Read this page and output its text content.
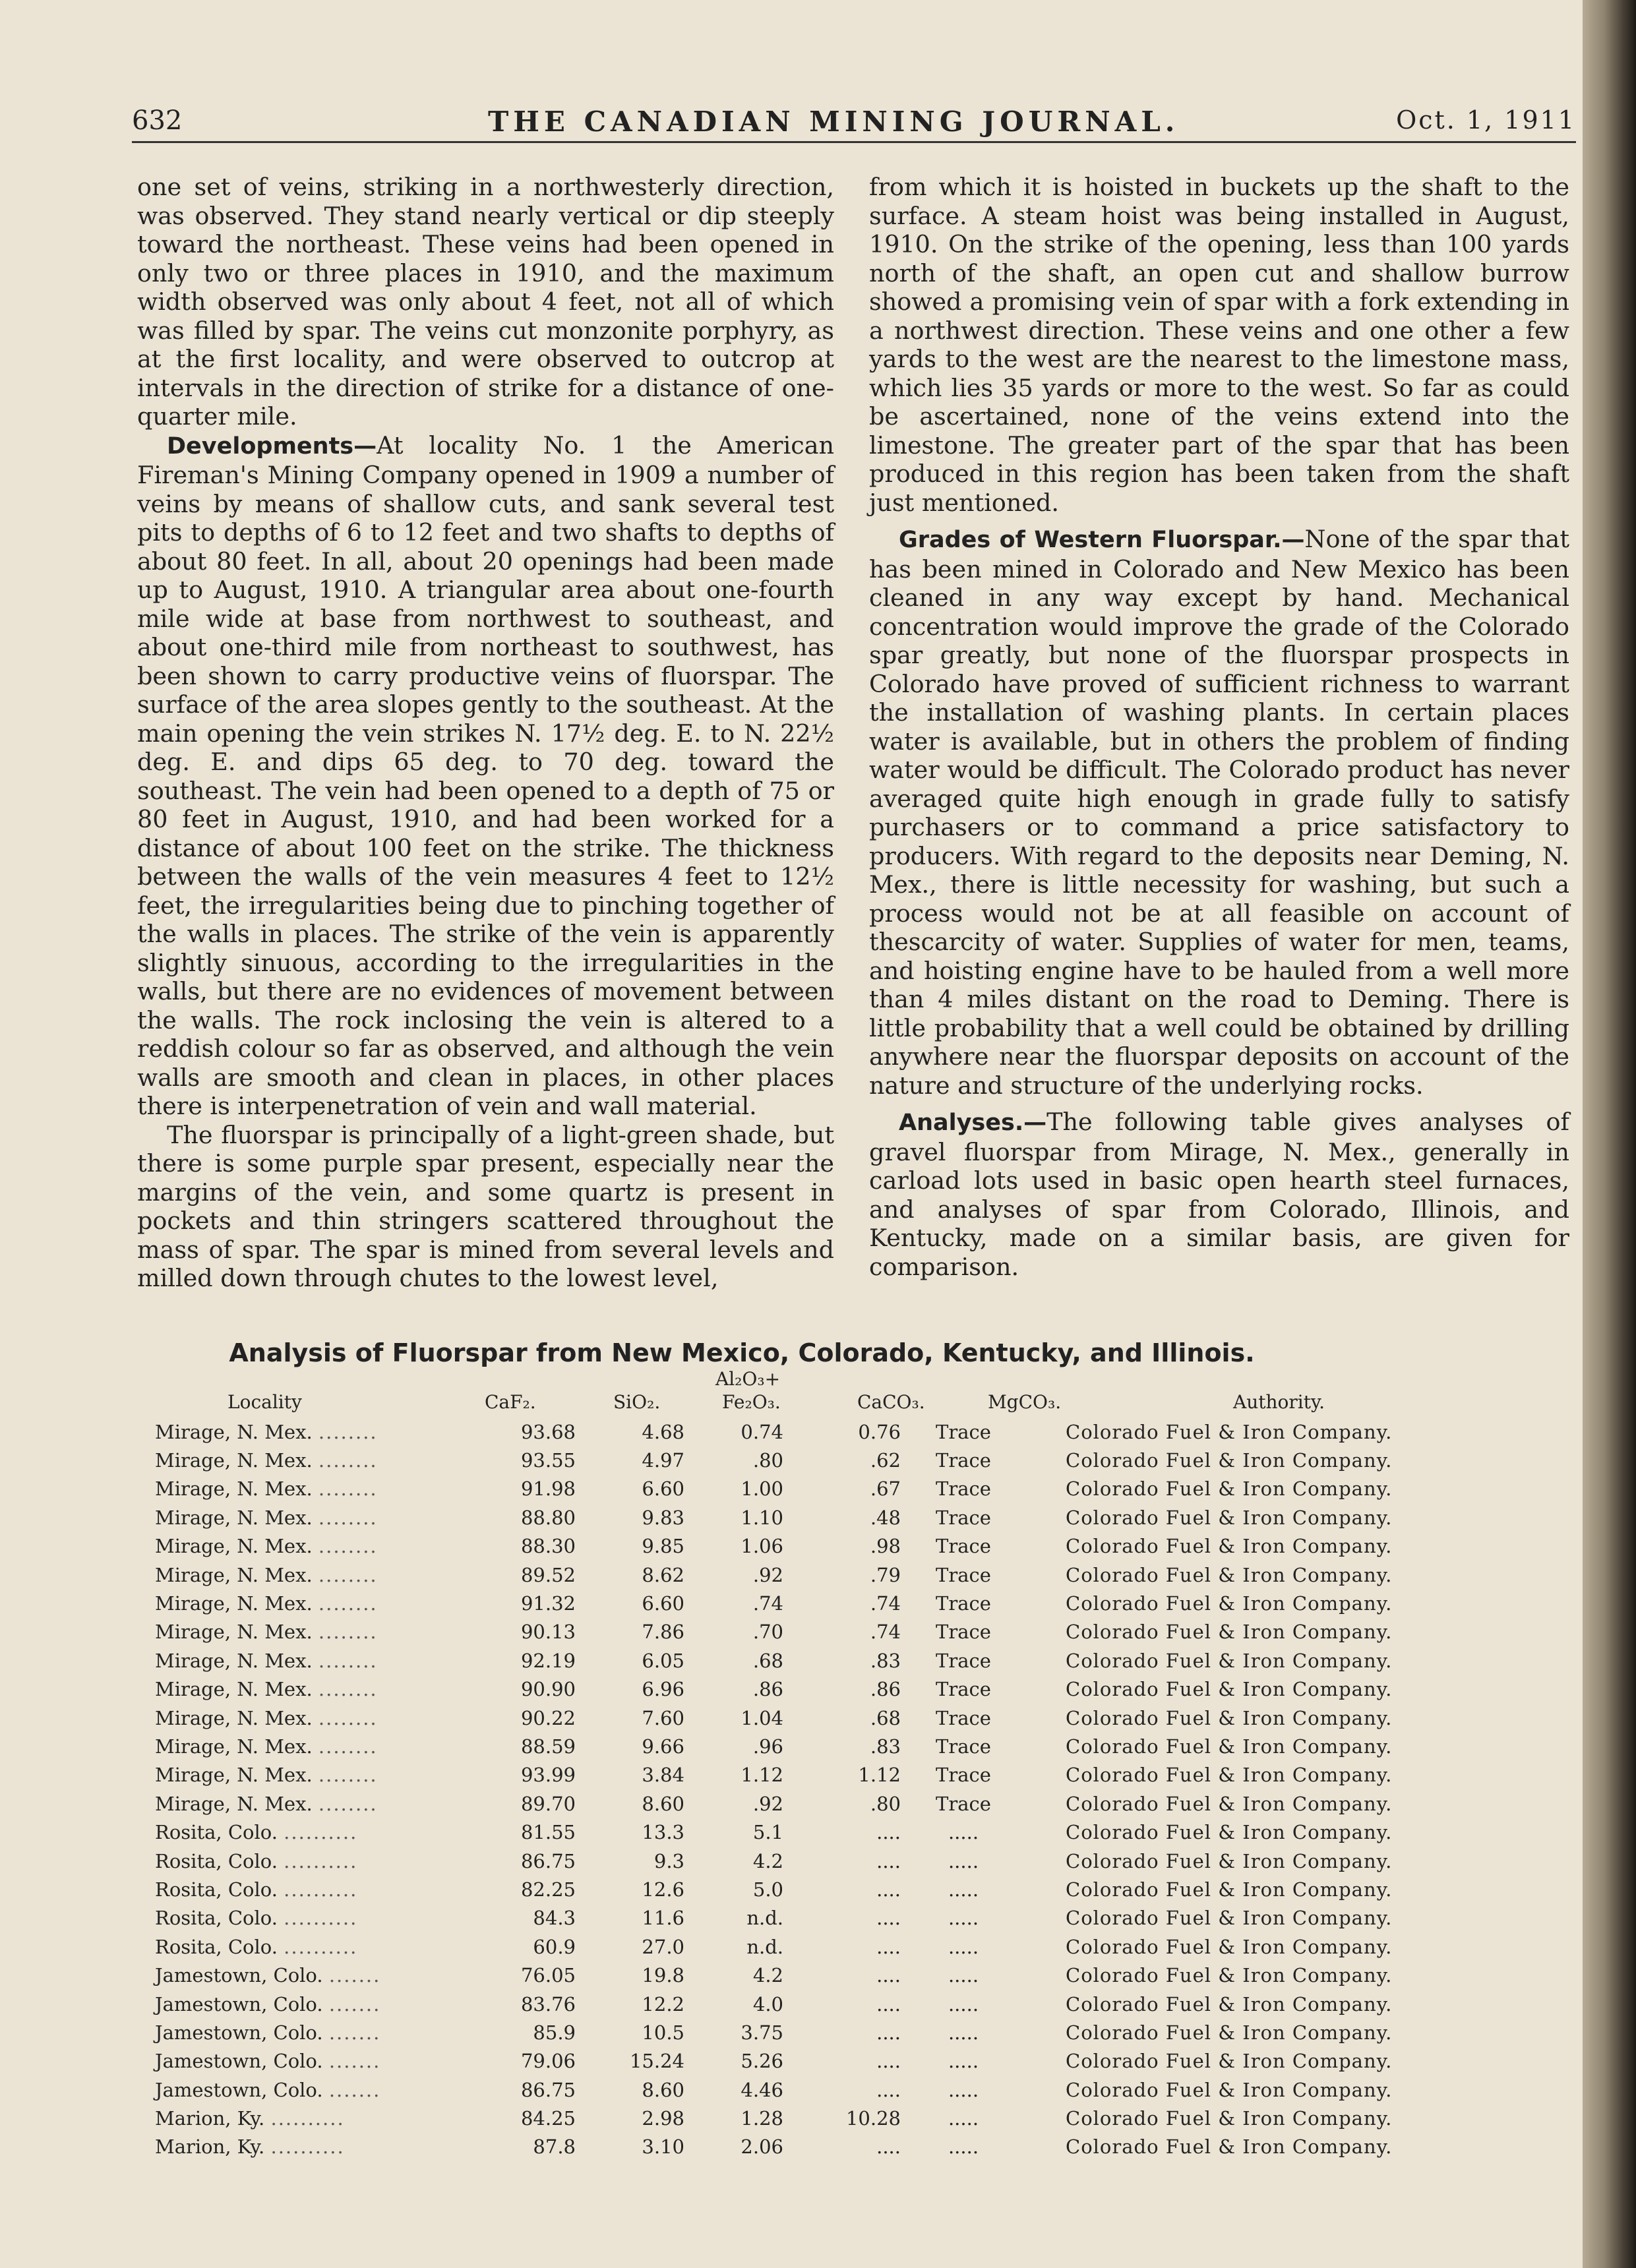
632	THE CANADIAN MINING JOURNAL.	Oct. 1, 1911

one set of veins, striking in a northwesterly direction, was observed. They stand nearly vertical or dip steeply toward the northeast. These veins had been opened in only two or three places in 1910, and the maximum width observed was only about 4 feet, not all of which was filled by spar. The veins cut monzonite porphyry, as at the first locality, and were observed to outcrop at intervals in the direction of strike for a distance of one-quarter mile.

Developments—At locality No. 1 the American Fireman's Mining Company opened in 1909 a number of veins by means of shallow cuts, and sank several test pits to depths of 6 to 12 feet and two shafts to depths of about 80 feet. In all, about 20 openings had been made up to August, 1910. A triangular area about one-fourth mile wide at base from northwest to southeast, and about one-third mile from northeast to southwest, has been shown to carry productive veins of fluorspar. The surface of the area slopes gently to the southeast. At the main opening the vein strikes N. 17½ deg. E. to N. 22½ deg. E. and dips 65 deg. to 70 deg. toward the southeast. The vein had been opened to a depth of 75 or 80 feet in August, 1910, and had been worked for a distance of about 100 feet on the strike. The thickness between the walls of the vein measures 4 feet to 12½ feet, the irregularities being due to pinching together of the walls in places. The strike of the vein is apparently slightly sinuous, according to the irregularities in the walls, but there are no evidences of movement between the walls. The rock inclosing the vein is altered to a reddish colour so far as observed, and although the vein walls are smooth and clean in places, in other places there is interpenetration of vein and wall material.

The fluorspar is principally of a light-green shade, but there is some purple spar present, especially near the margins of the vein, and some quartz is present in pockets and thin stringers scattered throughout the mass of spar. The spar is mined from several levels and milled down through chutes to the lowest level,

from which it is hoisted in buckets up the shaft to the surface. A steam hoist was being installed in August, 1910. On the strike of the opening, less than 100 yards north of the shaft, an open cut and shallow burrow showed a promising vein of spar with a fork extending in a northwest direction. These veins and one other a few yards to the west are the nearest to the limestone mass, which lies 35 yards or more to the west. So far as could be ascertained, none of the veins extend into the limestone. The greater part of the spar that has been produced in this region has been taken from the shaft just mentioned.

Grades of Western Fluorspar.—None of the spar that has been mined in Colorado and New Mexico has been cleaned in any way except by hand. Mechanical concentration would improve the grade of the Colorado spar greatly, but none of the fluorspar prospects in Colorado have proved of sufficient richness to warrant the installation of washing plants. In certain places water is available, but in others the problem of finding water would be difficult. The Colorado product has never averaged quite high enough in grade fully to satisfy purchasers or to command a price satisfactory to producers. With regard to the deposits near Deming, N. Mex., there is little necessity for washing, but such a process would not be at all feasible on account of thescarcity of water. Supplies of water for men, teams, and hoisting engine have to be hauled from a well more than 4 miles distant on the road to Deming. There is little probability that a well could be obtained by drilling anywhere near the fluorspar deposits on account of the nature and structure of the underlying rocks.

Analyses.—The following table gives analyses of gravel fluorspar from Mirage, N. Mex., generally in carload lots used in basic open hearth steel furnaces, and analyses of spar from Colorado, Illinois, and Kentucky, made on a similar basis, are given for comparison.

Analysis of Fluorspar from New Mexico, Colorado, Kentucky, and Illinois.
Locality	CaF₂.	SiO₂.
Al₂O₃+
Fe₂O₃.	CaCO₃.	MgCO₃.	Authority.
Mirage, N. Mex. ........	93.68	4.68	0.74	0.76	Trace	Colorado Fuel & Iron Company.
Mirage, N. Mex. ........	93.55	4.97	.80	.62	Trace	Colorado Fuel & Iron Company.
Mirage, N. Mex. ........	91.98	6.60	1.00	.67	Trace	Colorado Fuel & Iron Company.
Mirage, N. Mex. ........	88.80	9.83	1.10	.48	Trace	Colorado Fuel & Iron Company.
Mirage, N. Mex. ........	88.30	9.85	1.06	.98	Trace	Colorado Fuel & Iron Company.
Mirage, N. Mex. ........	89.52	8.62	.92	.79	Trace	Colorado Fuel & Iron Company.
Mirage, N. Mex. ........	91.32	6.60	.74	.74	Trace	Colorado Fuel & Iron Company.
Mirage, N. Mex. ........	90.13	7.86	.70	.74	Trace	Colorado Fuel & Iron Company.
Mirage, N. Mex. ........	92.19	6.05	.68	.83	Trace	Colorado Fuel & Iron Company.
Mirage, N. Mex. ........	90.90	6.96	.86	.86	Trace	Colorado Fuel & Iron Company.
Mirage, N. Mex. ........	90.22	7.60	1.04	.68	Trace	Colorado Fuel & Iron Company.
Mirage, N. Mex. ........	88.59	9.66	.96	.83	Trace	Colorado Fuel & Iron Company.
Mirage, N. Mex. ........	93.99	3.84	1.12	1.12	Trace	Colorado Fuel & Iron Company.
Mirage, N. Mex. ........	89.70	8.60	.92	.80	Trace	Colorado Fuel & Iron Company.
Rosita, Colo. ..........	81.55	13.3	5.1	....	.....	Colorado Fuel & Iron Company.
Rosita, Colo. ..........	86.75	9.3	4.2	....	.....	Colorado Fuel & Iron Company.
Rosita, Colo. ..........	82.25	12.6	5.0	....	.....	Colorado Fuel & Iron Company.
Rosita, Colo. ..........	84.3	11.6	n.d.	....	.....	Colorado Fuel & Iron Company.
Rosita, Colo. ..........	60.9	27.0	n.d.	....	.....	Colorado Fuel & Iron Company.
Jamestown, Colo. .......	76.05	19.8	4.2	....	.....	Colorado Fuel & Iron Company.
Jamestown, Colo. .......	83.76	12.2	4.0	....	.....	Colorado Fuel & Iron Company.
Jamestown, Colo. .......	85.9	10.5	3.75	....	.....	Colorado Fuel & Iron Company.
Jamestown, Colo. .......	79.06	15.24	5.26	....	.....	Colorado Fuel & Iron Company.
Jamestown, Colo. .......	86.75	8.60	4.46	....	.....	Colorado Fuel & Iron Company.
Marion, Ky. ..........	84.25	2.98	1.28	10.28	.....	Colorado Fuel & Iron Company.
Marion, Ky. ..........	87.8	3.10	2.06	....	.....	Colorado Fuel & Iron Company.
